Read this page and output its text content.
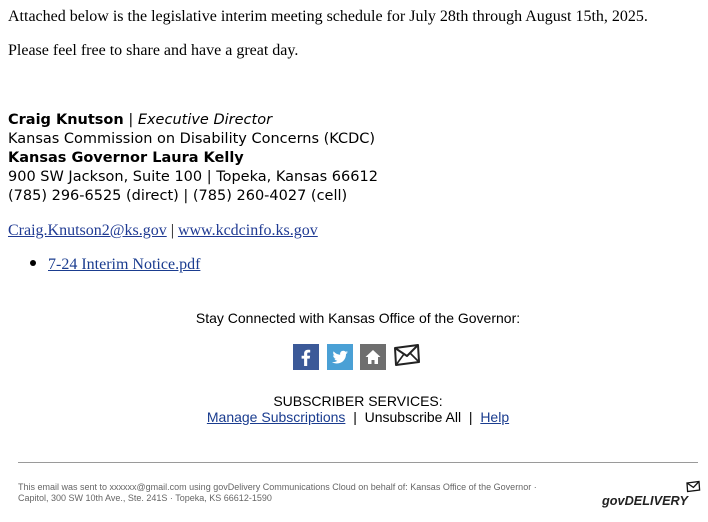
Attached below is the legislative interim meeting schedule for July 28th through August 15th, 2025.
Please feel free to share and have a great day.
Craig Knutson | Executive Director
Kansas Commission on Disability Concerns (KCDC)
Kansas Governor Laura Kelly
900 SW Jackson, Suite 100 | Topeka, Kansas 66612
(785) 296-6525 (direct) | (785) 260-4027 (cell)
Craig.Knutson2@ks.gov | www.kcdcinfo.ks.gov
7-24 Interim Notice.pdf
Stay Connected with Kansas Office of the Governor:
SUBSCRIBER SERVICES:
Manage Subscriptions | Unsubscribe All | Help
This email was sent to xxxxxx@gmail.com using govDelivery Communications Cloud on behalf of: Kansas Office of the Governor ·
Capitol, 300 SW 10th Ave., Ste. 241S · Topeka, KS 66612-1590	govDELIVERY
